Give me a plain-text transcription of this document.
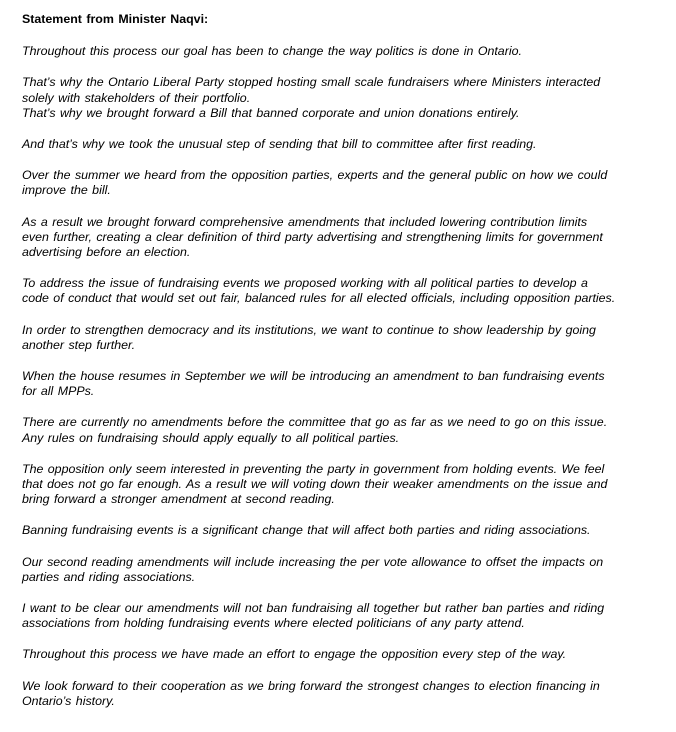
Statement from Minister Naqvi:
Throughout this process our goal has been to change the way politics is done in Ontario.
That’s why the Ontario Liberal Party stopped hosting small scale fundraisers where Ministers interacted
solely with stakeholders of their portfolio.
That’s why we brought forward a Bill that banned corporate and union donations entirely.
And that’s why we took the unusual step of sending that bill to committee after first reading.
Over the summer we heard from the opposition parties, experts and the general public on how we could
improve the bill.
As a result we brought forward comprehensive amendments that included lowering contribution limits
even further, creating a clear definition of third party advertising and strengthening limits for government
advertising before an election.
To address the issue of fundraising events we proposed working with all political parties to develop a
code of conduct that would set out fair, balanced rules for all elected officials, including opposition parties.
In order to strengthen democracy and its institutions, we want to continue to show leadership by going
another step further.
When the house resumes in September we will be introducing an amendment to ban fundraising events
for all MPPs.
There are currently no amendments before the committee that go as far as we need to go on this issue.
Any rules on fundraising should apply equally to all political parties.
The opposition only seem interested in preventing the party in government from holding events. We feel
that does not go far enough. As a result we will voting down their weaker amendments on the issue and
bring forward a stronger amendment at second reading.
Banning fundraising events is a significant change that will affect both parties and riding associations.
Our second reading amendments will include increasing the per vote allowance to offset the impacts on
parties and riding associations.
I want to be clear our amendments will not ban fundraising all together but rather ban parties and riding
associations from holding fundraising events where elected politicians of any party attend.
Throughout this process we have made an effort to engage the opposition every step of the way.
We look forward to their cooperation as we bring forward the strongest changes to election financing in
Ontario’s history.
